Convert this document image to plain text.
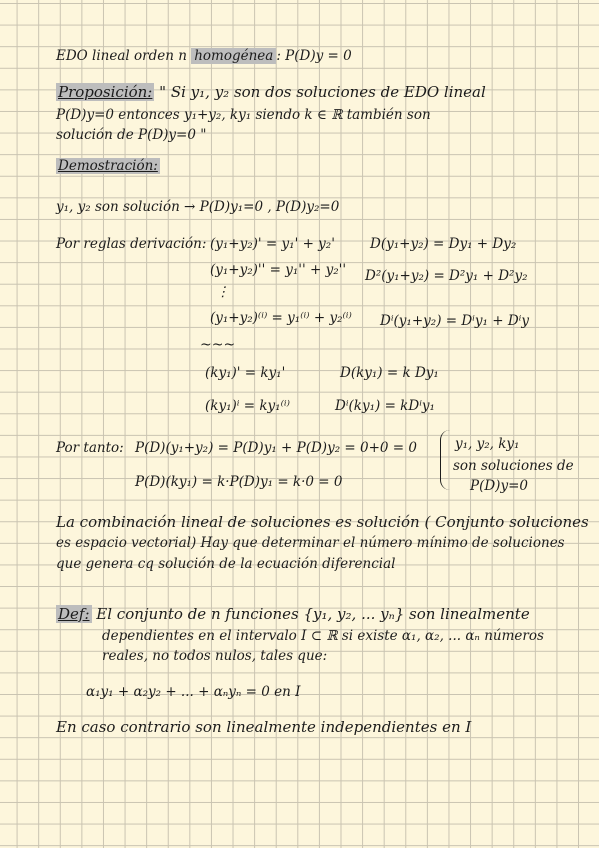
EDO lineal orden n homogénea : P(D)y = 0
Proposición: " Si y₁, y₂ son dos soluciones de EDO lineal
P(D)y=0 entonces y₁+y₂, ky₁ siendo k ∈ ℝ también son
solución de P(D)y=0 "
Demostración:
y₁, y₂ son solución → P(D)y₁=0 , P(D)y₂=0
Por reglas derivación: (y₁+y₂)' = y₁' + y₂'	D(y₁+y₂) = Dy₁ + Dy₂
(y₁+y₂)'' = y₁'' + y₂'' D²(y₁+y₂) = D²y₁ + D²y₂
⋮
(y₁+y₂)⁽ⁱ⁾ = y₁⁽ⁱ⁾ + y₂⁽ⁱ⁾ Dⁱ(y₁+y₂) = Dⁱy₁ + Dⁱy
~~~
(ky₁)' = ky₁'	D(ky₁) = k Dy₁
(ky₁)ⁱ = ky₁⁽ⁱ⁾	Dⁱ(ky₁) = kDⁱy₁
Por tanto: P(D)(y₁+y₂) = P(D)y₁ + P(D)y₂ = 0+0 = 0
P(D)(ky₁) = k·P(D)y₁ = k·0 = 0
y₁, y₂, ky₁
son soluciones de
P(D)y=0
La combinación lineal de soluciones es solución ( Conjunto soluciones
es espacio vectorial) Hay que determinar el número mínimo de soluciones
que genera cq solución de la ecuación diferencial
Def: El conjunto de n funciones {y₁, y₂, ... yₙ} son linealmente
dependientes en el intervalo I ⊂ ℝ si existe α₁, α₂, ... αₙ números
reales, no todos nulos, tales que:
α₁y₁ + α₂y₂ + ... + αₙyₙ = 0 en I
En caso contrario son linealmente independientes en I
